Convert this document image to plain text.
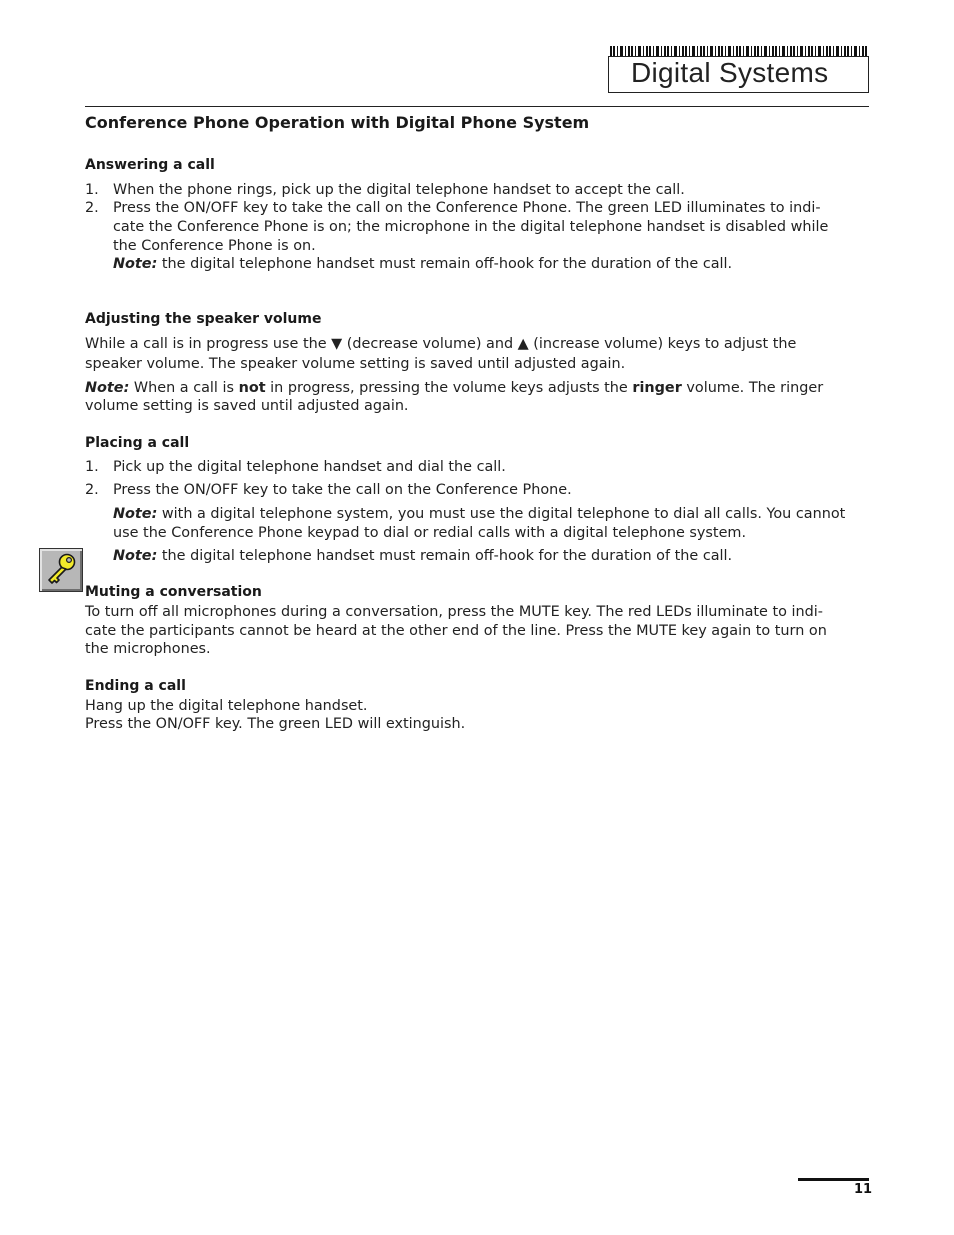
Digital Systems
Conference Phone Operation with Digital Phone System
Answering a call
1. When the phone rings, pick up the digital telephone handset to accept the call.
2. Press the ON/OFF key to take the call on the Conference Phone. The green LED illuminates to indi-
cate the Conference Phone is on; the microphone in the digital telephone handset is disabled while
the Conference Phone is on.
Note: the digital telephone handset must remain off-hook for the duration of the call.
Adjusting the speaker volume
While a call is in progress use the ▼ (decrease volume) and ▲ (increase volume) keys to adjust the
speaker volume. The speaker volume setting is saved until adjusted again.
Note: When a call is not in progress, pressing the volume keys adjusts the ringer volume. The ringer
volume setting is saved until adjusted again.
Placing a call
1. Pick up the digital telephone handset and dial the call.
2. Press the ON/OFF key to take the call on the Conference Phone.
Note: with a digital telephone system, you must use the digital telephone to dial all calls. You cannot
use the Conference Phone keypad to dial or redial calls with a digital telephone system.
Note: the digital telephone handset must remain off-hook for the duration of the call.
Muting a conversation
To turn off all microphones during a conversation, press the MUTE key. The red LEDs illuminate to indi-
cate the participants cannot be heard at the other end of the line. Press the MUTE key again to turn on
the microphones.
Ending a call
Hang up the digital telephone handset.
Press the ON/OFF key. The green LED will extinguish.
11
